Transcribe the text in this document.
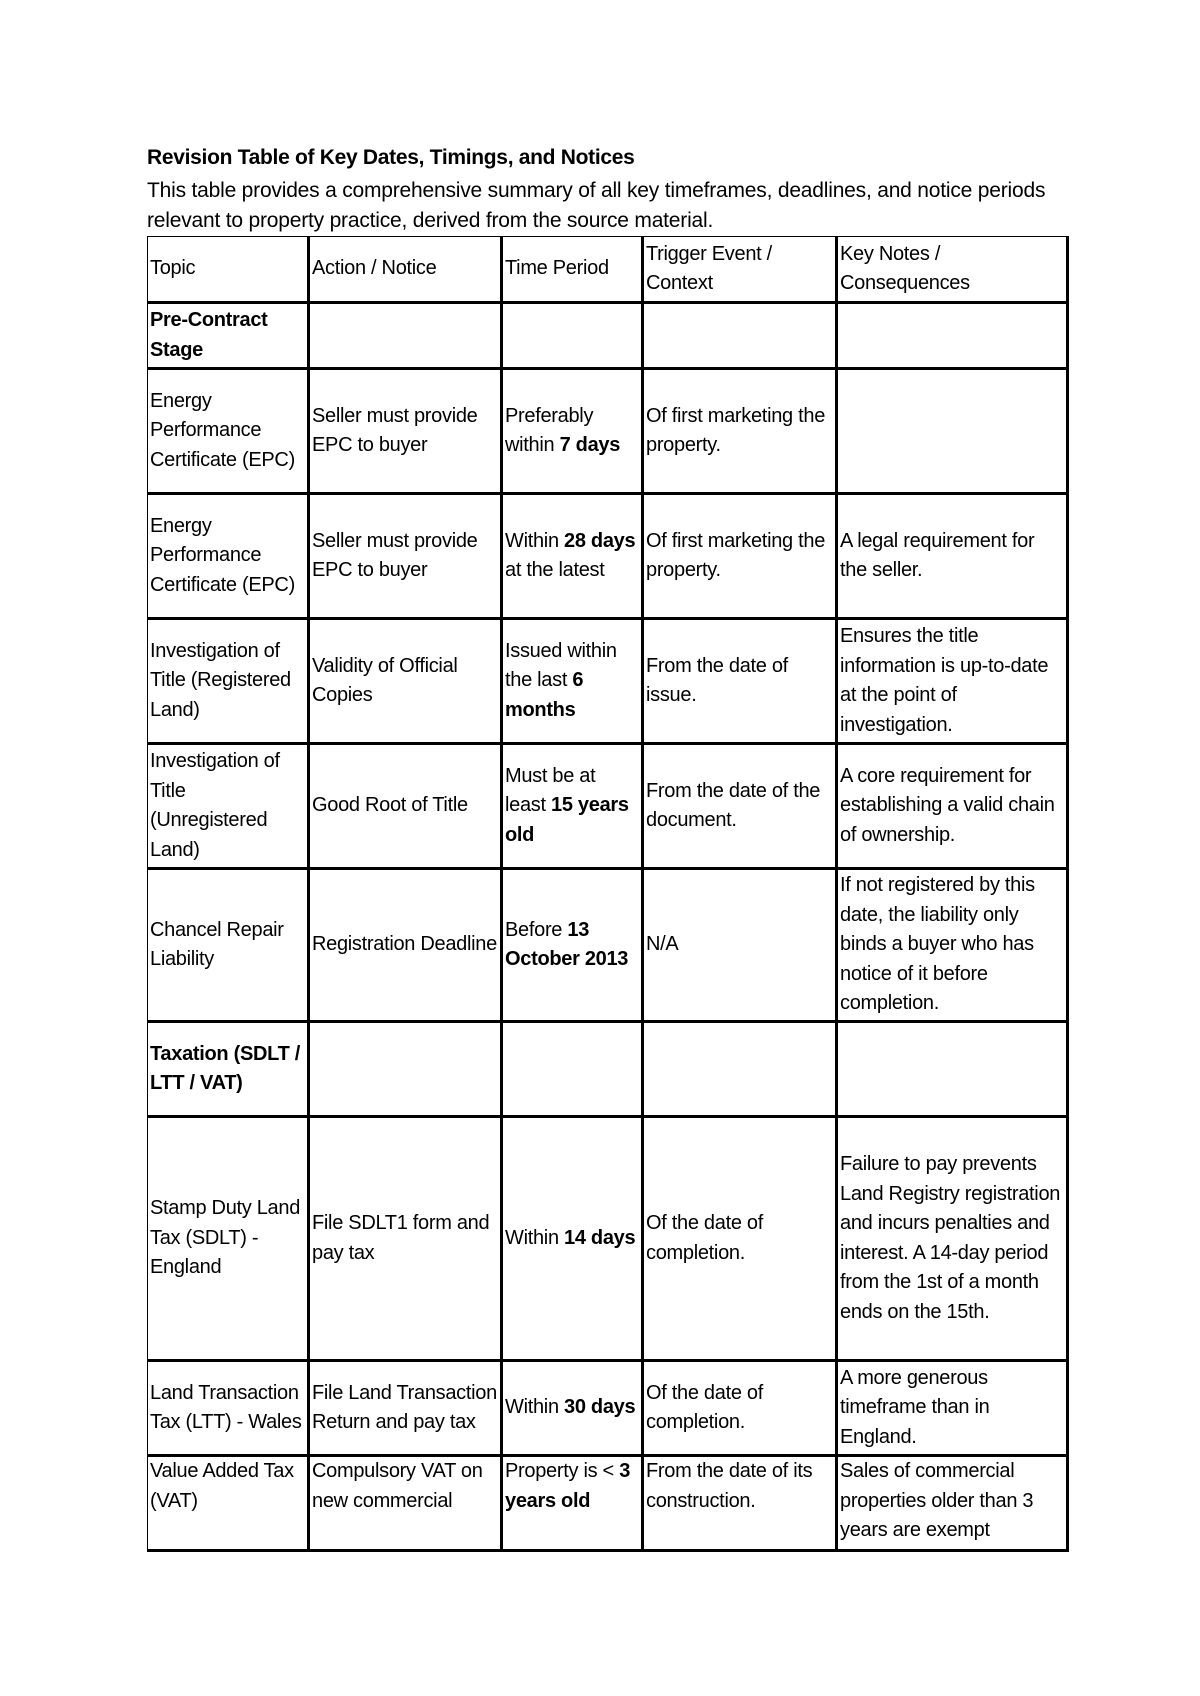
Revision Table of Key Dates, Timings, and Notices
This table provides a comprehensive summary of all key timeframes, deadlines, and notice periods relevant to property practice, derived from the source material.
Topic	Action / Notice	Time Period	Trigger Event / Context	Key Notes / Consequences
Pre-Contract Stage				
Energy Performance Certificate (EPC)	Seller must provide EPC to buyer	Preferably within 7 days	Of first marketing the property.	
Energy Performance Certificate (EPC)	Seller must provide EPC to buyer	Within 28 days at the latest	Of first marketing the property.	A legal requirement for the seller.
Investigation of Title (Registered Land)	Validity of Official Copies	Issued within the last 6 months	From the date of issue.	Ensures the title information is up-to-date at the point of investigation.
Investigation of Title (Unregistered Land)	Good Root of Title	Must be at least 15 years old	From the date of the document.	A core requirement for establishing a valid chain of ownership.
Chancel Repair Liability	Registration Deadline	Before 13 October 2013	N/A	If not registered by this date, the liability only binds a buyer who has notice of it before completion.
Taxation (SDLT / LTT / VAT)				
Stamp Duty Land Tax (SDLT) - England	File SDLT1 form and pay tax	Within 14 days	Of the date of completion.	Failure to pay prevents Land Registry registration and incurs penalties and interest. A 14-day period from the 1st of a month ends on the 15th.
Land Transaction Tax (LTT) - Wales	File Land Transaction Return and pay tax	Within 30 days	Of the date of completion.	A more generous timeframe than in England.
Value Added Tax (VAT)	Compulsory VAT on new commercial	Property is < 3 years old	From the date of its construction.	Sales of commercial properties older than 3 years are exempt
